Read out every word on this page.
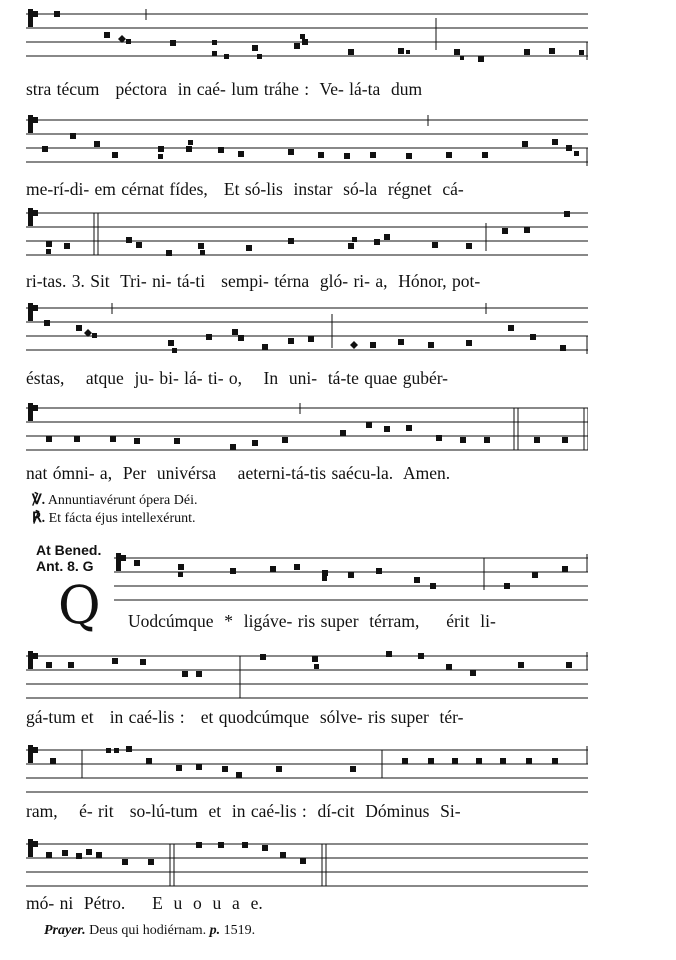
stra técum   péctora  in caé- lum tráhe :  Ve- lá-ta  dum
me-rí-di- em cérnat fídes,   Et só-lis  instar  só-la  régnet  cá-
ri-tas. 3. Sit  Tri- ni- tá-ti   sempi- térna  gló- ri- a,  Hónor, pot-
éstas,    atque  ju- bi- lá- ti- o,    In  uni-  tá-te quae gubér-
nat ómni- a,  Per  univérsa    aeterni-tá-tis saécu-la.  Amen.
Uodcúmque  *  ligáve- ris super  térram,     érit  li-
gá-tum et   in caé-lis :   et quodcúmque  sólve- ris super  tér-
ram,    é- rit   so-lú-tum  et  in caé-lis :  dí-cit  Dóminus  Si-
mó- ni  Pétro.     E  u  o  u  a  e.
℣. Annuntiavérunt ópera Déi.
℟. Et fácta éjus intellexérunt.
At Bened.
Ant. 8. G
Q
Prayer. Deus qui hodiérnam. p. 1519.
